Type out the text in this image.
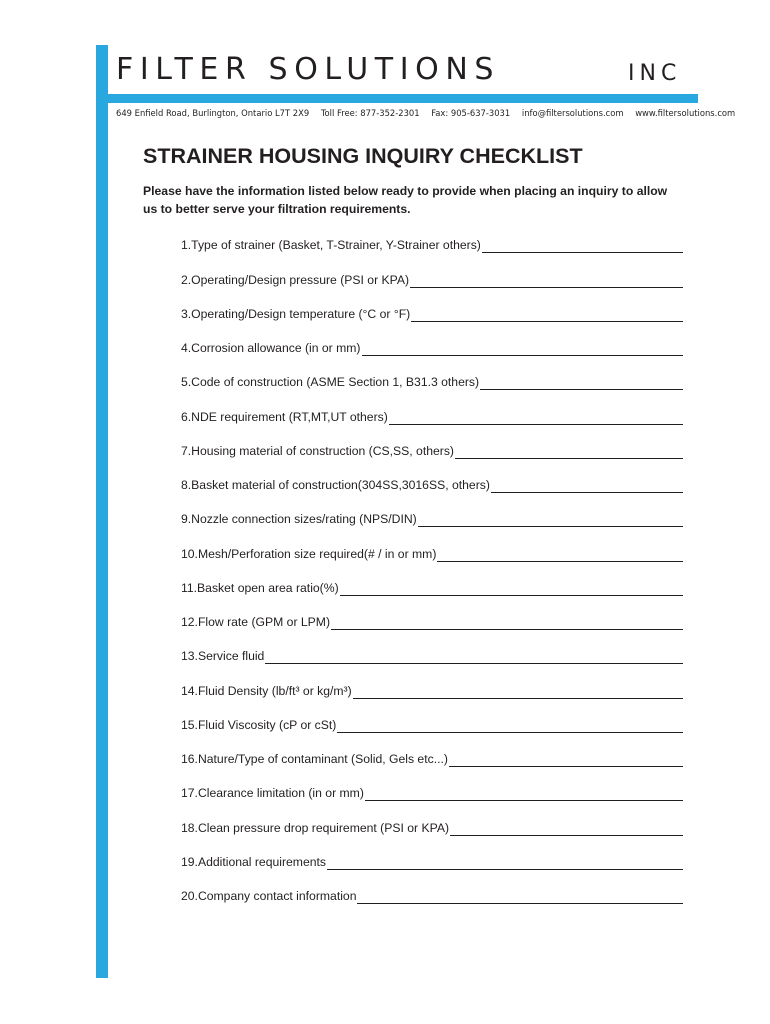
FILTER SOLUTIONS	INC
649 Enfield Road, Burlington, Ontario L7T 2X9 Toll Free: 877-352-2301 Fax: 905-637-3031 info@filtersolutions.com www.filtersolutions.com
STRAINER HOUSING INQUIRY CHECKLIST

Please have the information listed below ready to provide when placing an inquiry to allow us to better serve your filtration requirements.

1. Type of strainer (Basket, T-Strainer, Y-Strainer others)
2. Operating/Design pressure (PSI or KPA)
3. Operating/Design temperature (°C or °F)
4. Corrosion allowance (in or mm)
5. Code of construction (ASME Section 1, B31.3 others)
6. NDE requirement (RT,MT,UT others)
7. Housing material of construction (CS,SS, others)
8. Basket material of construction(304SS,3016SS, others)
9. Nozzle connection sizes/rating (NPS/DIN)
10. Mesh/Perforation size required(# / in or mm)
11. Basket open area ratio(%)
12. Flow rate (GPM or LPM)
13. Service fluid
14. Fluid Density (lb/ft³ or kg/m³)
15. Fluid Viscosity (cP or cSt)
16. Nature/Type of contaminant (Solid, Gels etc...)
17. Clearance limitation (in or mm)
18. Clean pressure drop requirement (PSI or KPA)
19. Additional requirements
20. Company contact information
